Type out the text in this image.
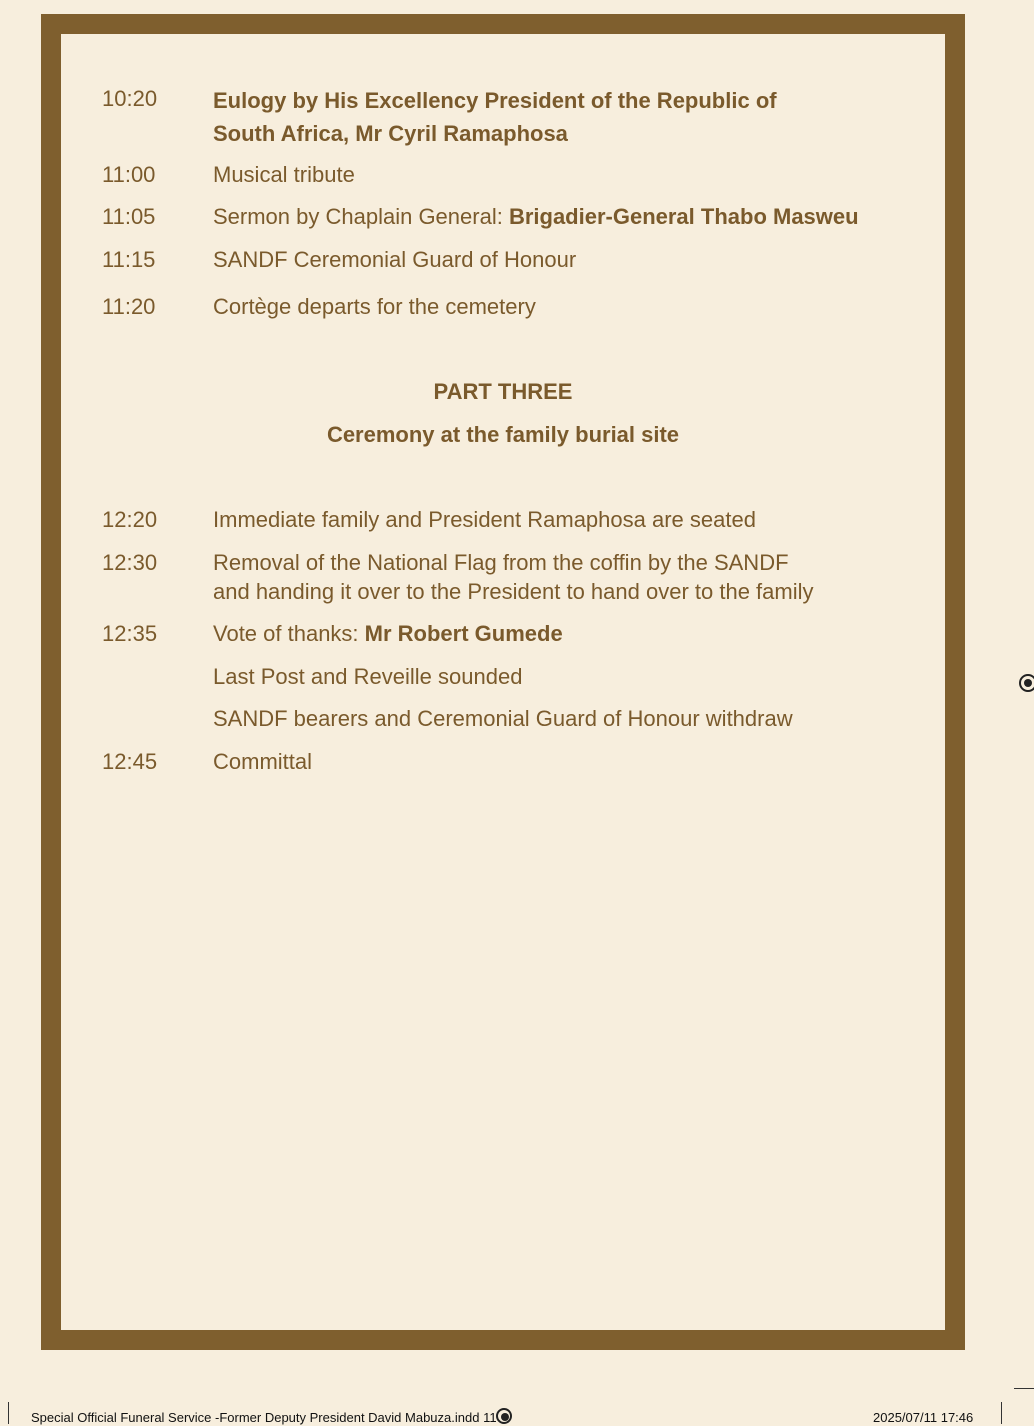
10:20	Eulogy by His Excellency President of the Republic of
South Africa, Mr Cyril Ramaphosa
11:00	Musical tribute
11:05	Sermon by Chaplain General: Brigadier-General Thabo Masweu
11:15	SANDF Ceremonial Guard of Honour
11:20	Cortège departs for the cemetery
PART THREE
Ceremony at the family burial site
12:20	Immediate family and President Ramaphosa are seated
12:30	Removal of the National Flag from the coffin by the SANDF
and handing it over to the President to hand over to the family
12:35	Vote of thanks: Mr Robert Gumede
Last Post and Reveille sounded
SANDF bearers and Ceremonial Guard of Honour withdraw
12:45	Committal
Special Official Funeral Service -Former Deputy President David Mabuza.indd 11	2025/07/11 17:46
